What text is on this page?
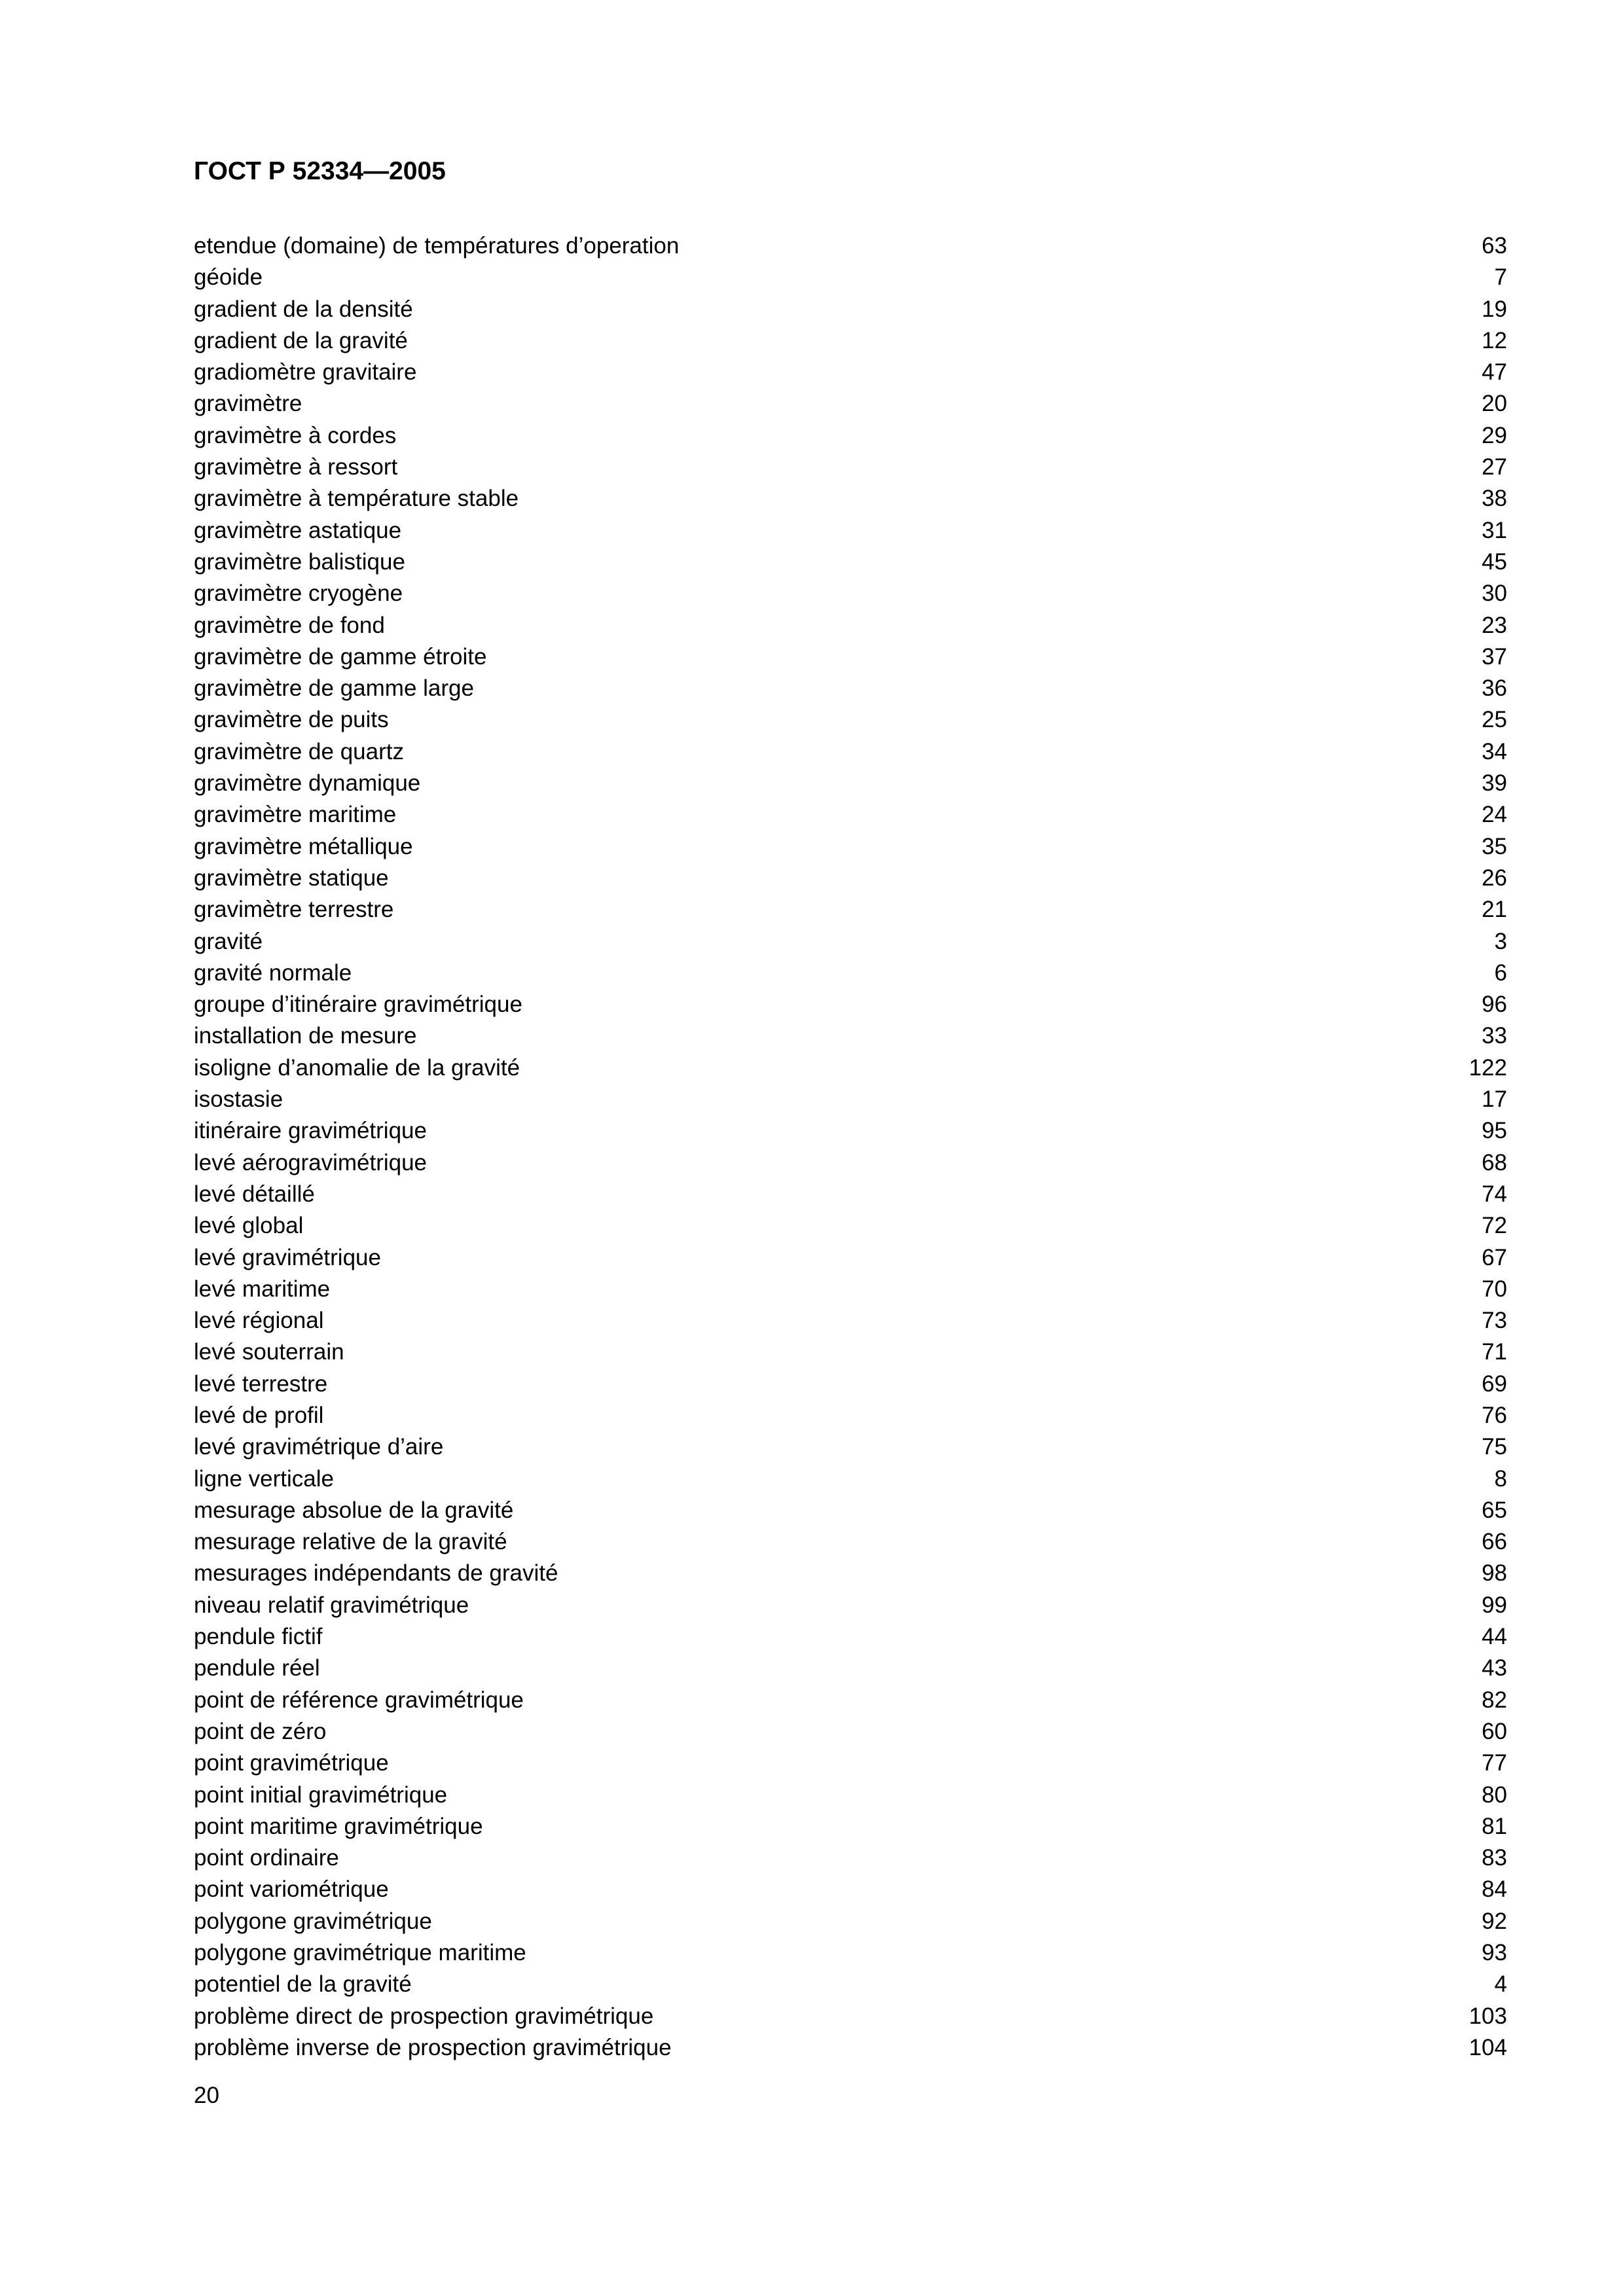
ГОСТ Р 52334—2005
etendue (domaine) de températures d’operation	63
géoide	7
gradient de la densité	19
gradient de la gravité	12
gradiomètre gravitaire	47
gravimètre	20
gravimètre à cordes	29
gravimètre à ressort	27
gravimètre à température stable	38
gravimètre astatique	31
gravimètre balistique	45
gravimètre cryogène	30
gravimètre de fond	23
gravimètre de gamme étroite	37
gravimètre de gamme large	36
gravimètre de puits	25
gravimètre de quartz	34
gravimètre dynamique	39
gravimètre maritime	24
gravimètre métallique	35
gravimètre statique	26
gravimètre terrestre	21
gravité	3
gravité normale	6
groupe d’itinéraire gravimétrique	96
installation de mesure	33
isoligne d’anomalie de la gravité	122
isostasie	17
itinéraire gravimétrique	95
levé aérogravimétrique	68
levé détaillé	74
levé global	72
levé gravimétrique	67
levé maritime	70
levé régional	73
levé souterrain	71
levé terrestre	69
levé de profil	76
levé gravimétrique d’aire	75
ligne verticale	8
mesurage absolue de la gravité	65
mesurage relative de la gravité	66
mesurages indépendants de gravité	98
niveau relatif gravimétrique	99
pendule fictif	44
pendule réel	43
point de référence gravimétrique	82
point de zéro	60
point gravimétrique	77
point initial gravimétrique	80
point maritime gravimétrique	81
point ordinaire	83
point variométrique	84
polygone gravimétrique	92
polygone gravimétrique maritime	93
potentiel de la gravité	4
problème direct de prospection gravimétrique	103
problème inverse de prospection gravimétrique	104
20
